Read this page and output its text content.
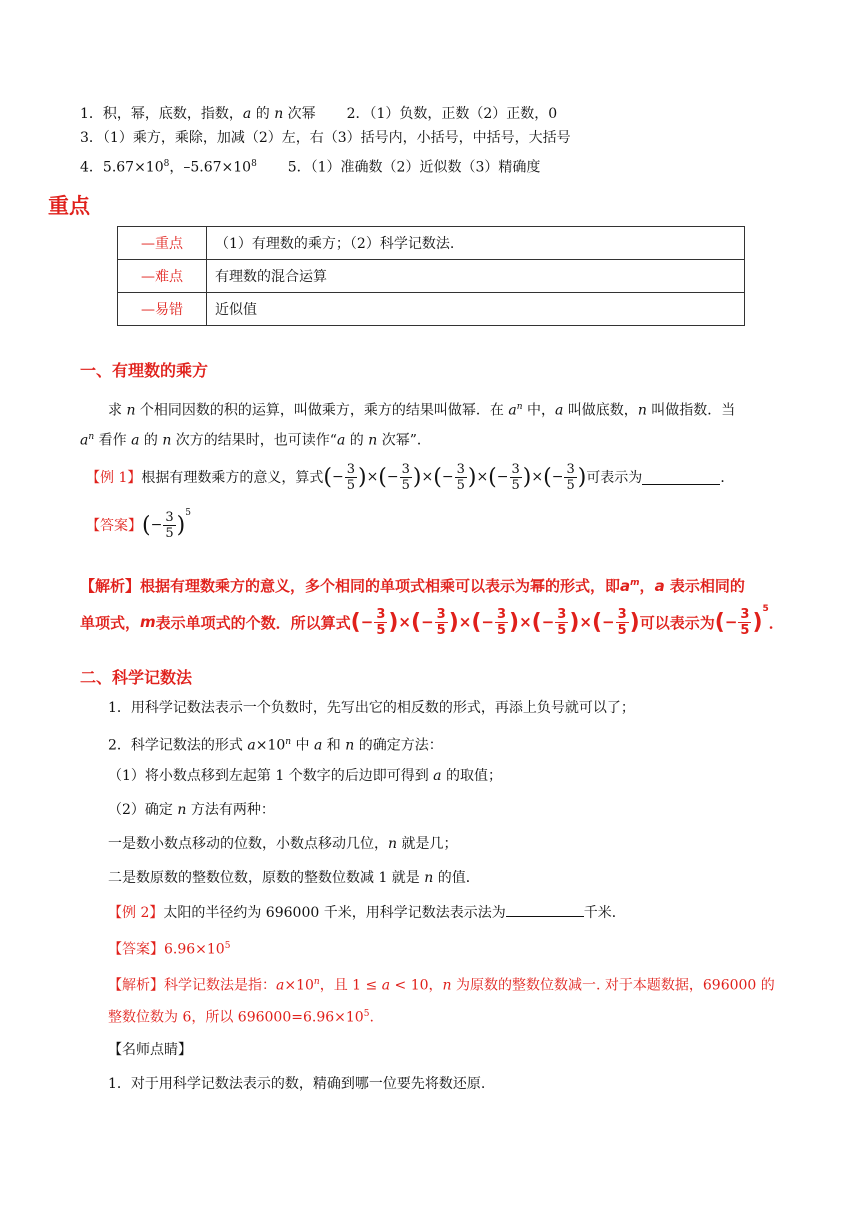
1．积，幂，底数，指数，a 的 n 次幂 2．（1）负数，正数（2）正数，0
3．（1）乘方，乘除，加减（2）左，右（3）括号内，小括号，中括号，大括号
4．$5.67\times 10^8$，$-5.67\times 10^8$ 5．（1）准确数（2）近似数（3）精确度
重点
—重点	（1）有理数的乘方；（2）科学记数法.
—难点	有理数的混合运算
—易错	近似值
一、有理数的乘方
求 n 个相同因数的积的运算，叫做乘方，乘方的结果叫做幂．在 $a^n$ 中，a 叫做底数，n 叫做指数．当
$a^n$ 看作 a 的 n 次方的结果时，也可读作“a 的 n 次幂”．
【例 1】 根据有理数乘方的意义，算式 ( − $\frac{3}{5}$ ) × ( − $\frac{3}{5}$ ) × ( − $\frac{3}{5}$ ) × ( − $\frac{3}{5}$ ) × ( − $\frac{3}{5}$ ) 可表示为	．
【答案】 ( − $\frac{3}{5} )^5$
【解析】根据有理数乘方的意义，多个相同的单项式相乘可以表示为幂的形式，即$a^m$，a 表示相同的
单项式， m 表示单项式的个数．所以算式 ( − $\frac{3}{5}$ ) × ( − $\frac{3}{5}$ ) × ( − $\frac{3}{5}$ ) × ( − $\frac{3}{5}$ ) × ( − $\frac{3}{5}$ ) 可以表示为 ( − $\frac{3}{5}$ )
$^5$
．
二、科学记数法
1．用科学记数法表示一个负数时，先写出它的相反数的形式，再添上负号就可以了；
2．科学记数法的形式 $a\times 10^n$ 中 a 和 n 的确定方法：
（1）将小数点移到左起第 1 个数字的后边即可得到 a 的取值；
（2）确定 n 方法有两种：
一是数小数点移动的位数，小数点移动几位，n 就是几；
二是数原数的整数位数，原数的整数位数减 1 就是 n 的值．
【例 2】太阳的半径约为 696000 千米，用科学记数法表示法为	千米．
【答案】$6.96\times 10^5$
【解析】科学记数法是指：$a\times 10^n$，且 1 ≤ a < 10，n 为原数的整数位数减一. 对于本题数据，696000 的
整数位数为 6，所以 $696000=6.96\times 10^5$.
【名师点睛】
1．对于用科学记数法表示的数，精确到哪一位要先将数还原.
